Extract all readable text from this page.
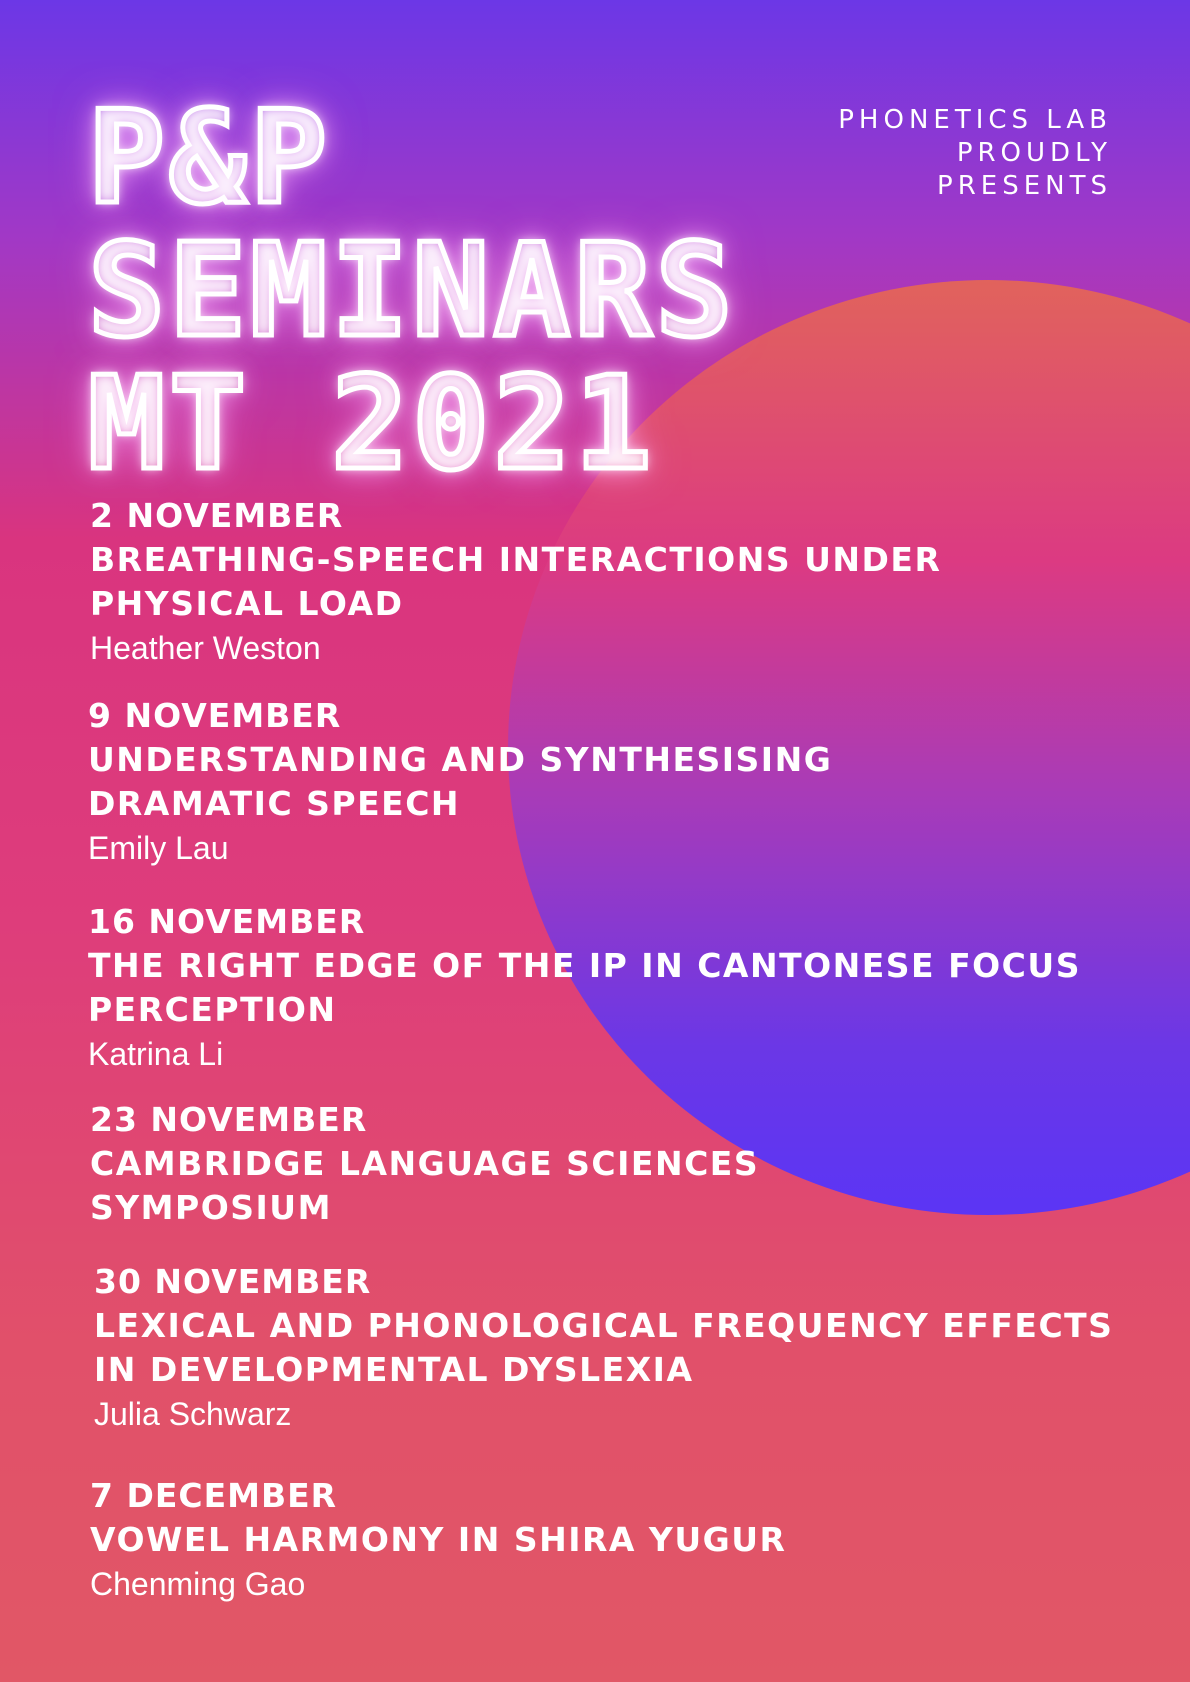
PHONETICS LAB
PROUDLY
PRESENTS
P&P
SEMINARS
MT 2021
2 NOVEMBER
BREATHING-SPEECH INTERACTIONS UNDER PHYSICAL LOAD
Heather Weston
9 NOVEMBER
UNDERSTANDING AND SYNTHESISING DRAMATIC SPEECH
Emily Lau
16 NOVEMBER
THE RIGHT EDGE OF THE IP IN CANTONESE FOCUS PERCEPTION
Katrina Li
23 NOVEMBER
CAMBRIDGE LANGUAGE SCIENCES SYMPOSIUM
30 NOVEMBER
LEXICAL AND PHONOLOGICAL FREQUENCY EFFECTS IN DEVELOPMENTAL DYSLEXIA
Julia Schwarz
7 DECEMBER
VOWEL HARMONY IN SHIRA YUGUR
Chenming Gao
